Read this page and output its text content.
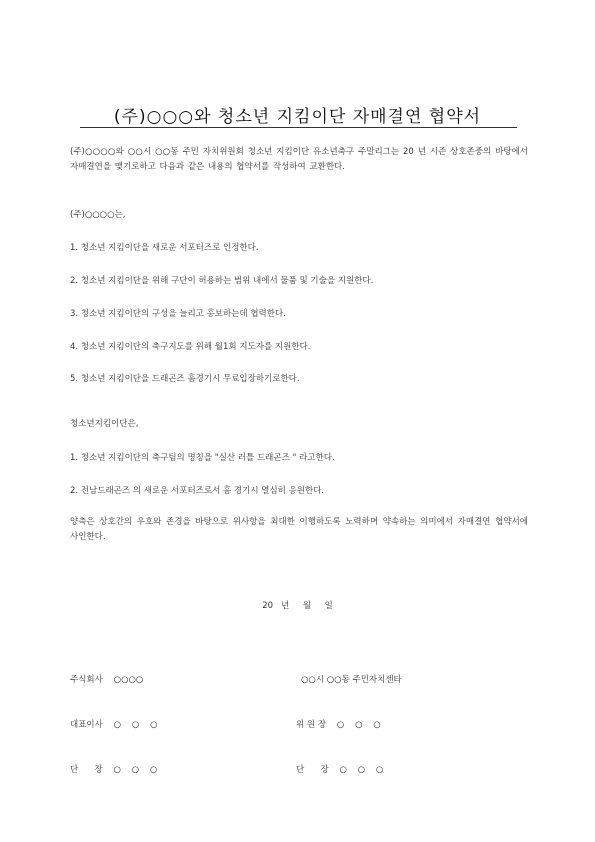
(주)○○○와 청소년 지킴이단 자매결연 협약서
(주)○○○○와 ○○시 ○○동 주민 자치위원회 청소년 지킴이단 유소년축구 주말리그는 20 년 시즌 상호존중의 바탕에서 자매결연을 맺기로하고 다음과 같은 내용의 협약서를 작성하여 교환한다.
(주)○○○○는,
1. 청소년 지킴이단을 새로운 서포터즈로 인정한다.
2. 청소년 지킴이단을 위해 구단이 허용하는 범위 내에서 물품 및 기술을 지원한다.
3. 청소년 지킴이단의 구성을 늘리고 홍보하는데 협력한다.
4. 청소년 지킴이단의 축구지도를 위해 월1회 지도자를 지원한다.
5. 청소년 지킴이단을 드래곤즈 홈경기시 무료입장하기로한다.
청소년지킴이단은,
1. 청소년 지킴이단의 축구팀의 명칭을 "실산 러틀 드래곤즈 " 라고한다.
2. 전남드래곤즈 의 새로운 서포터즈로서 홈 경기시 열심히 응원한다.
양측은 상호간의 우호와 존경을 바탕으로 위사항을 최대한 이행하도록 노력하며 약속하는 의미에서 자매결연 협약서에 사인한다.
20   년     월     일

주식회사    ○○○○

대표이사    ○    ○    ○

단      장    ○    ○    ○

○○시 ○○동 주민자치센타

위 원 장    ○    ○    ○

단      장    ○    ○    ○
